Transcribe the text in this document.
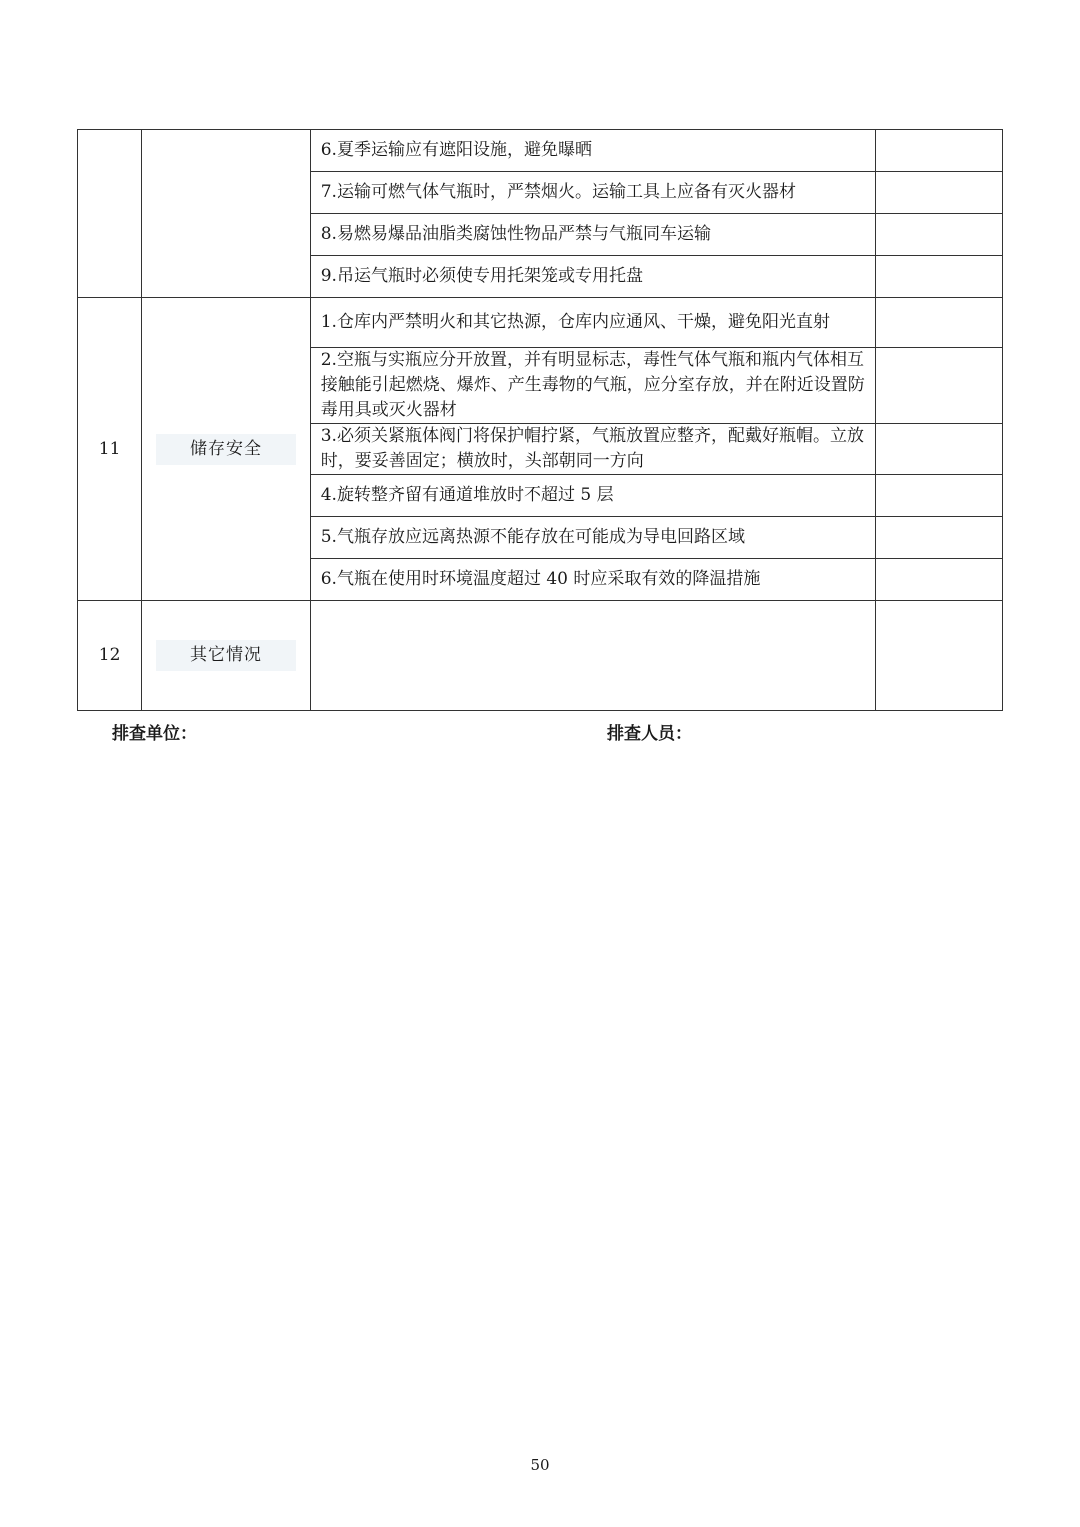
		6.夏季运输应有遮阳设施，避免曝晒	
		7.运输可燃气体气瓶时，严禁烟火。运输工具上应备有灭火器材	
		8.易燃易爆品油脂类腐蚀性物品严禁与气瓶同车运输	
		9.吊运气瓶时必须使专用托架笼或专用托盘	
11	储存安全	1.仓库内严禁明火和其它热源，仓库内应通风、干燥，避免阳光直射	
		2.空瓶与实瓶应分开放置，并有明显标志，毒性气体气瓶和瓶内气体相互接触能引起燃烧、爆炸、产生毒物的气瓶，应分室存放，并在附近设置防毒用具或灭火器材	
		3.必须关紧瓶体阀门将保护帽拧紧，气瓶放置应整齐，配戴好瓶帽。立放时，要妥善固定；横放时，头部朝同一方向	
		4.旋转整齐留有通道堆放时不超过 5 层	
		5.气瓶存放应远离热源不能存放在可能成为导电回路区域	
		6.气瓶在使用时环境温度超过 40 时应采取有效的降温措施	
12	其它情况		
排查单位：	排查人员：
50
